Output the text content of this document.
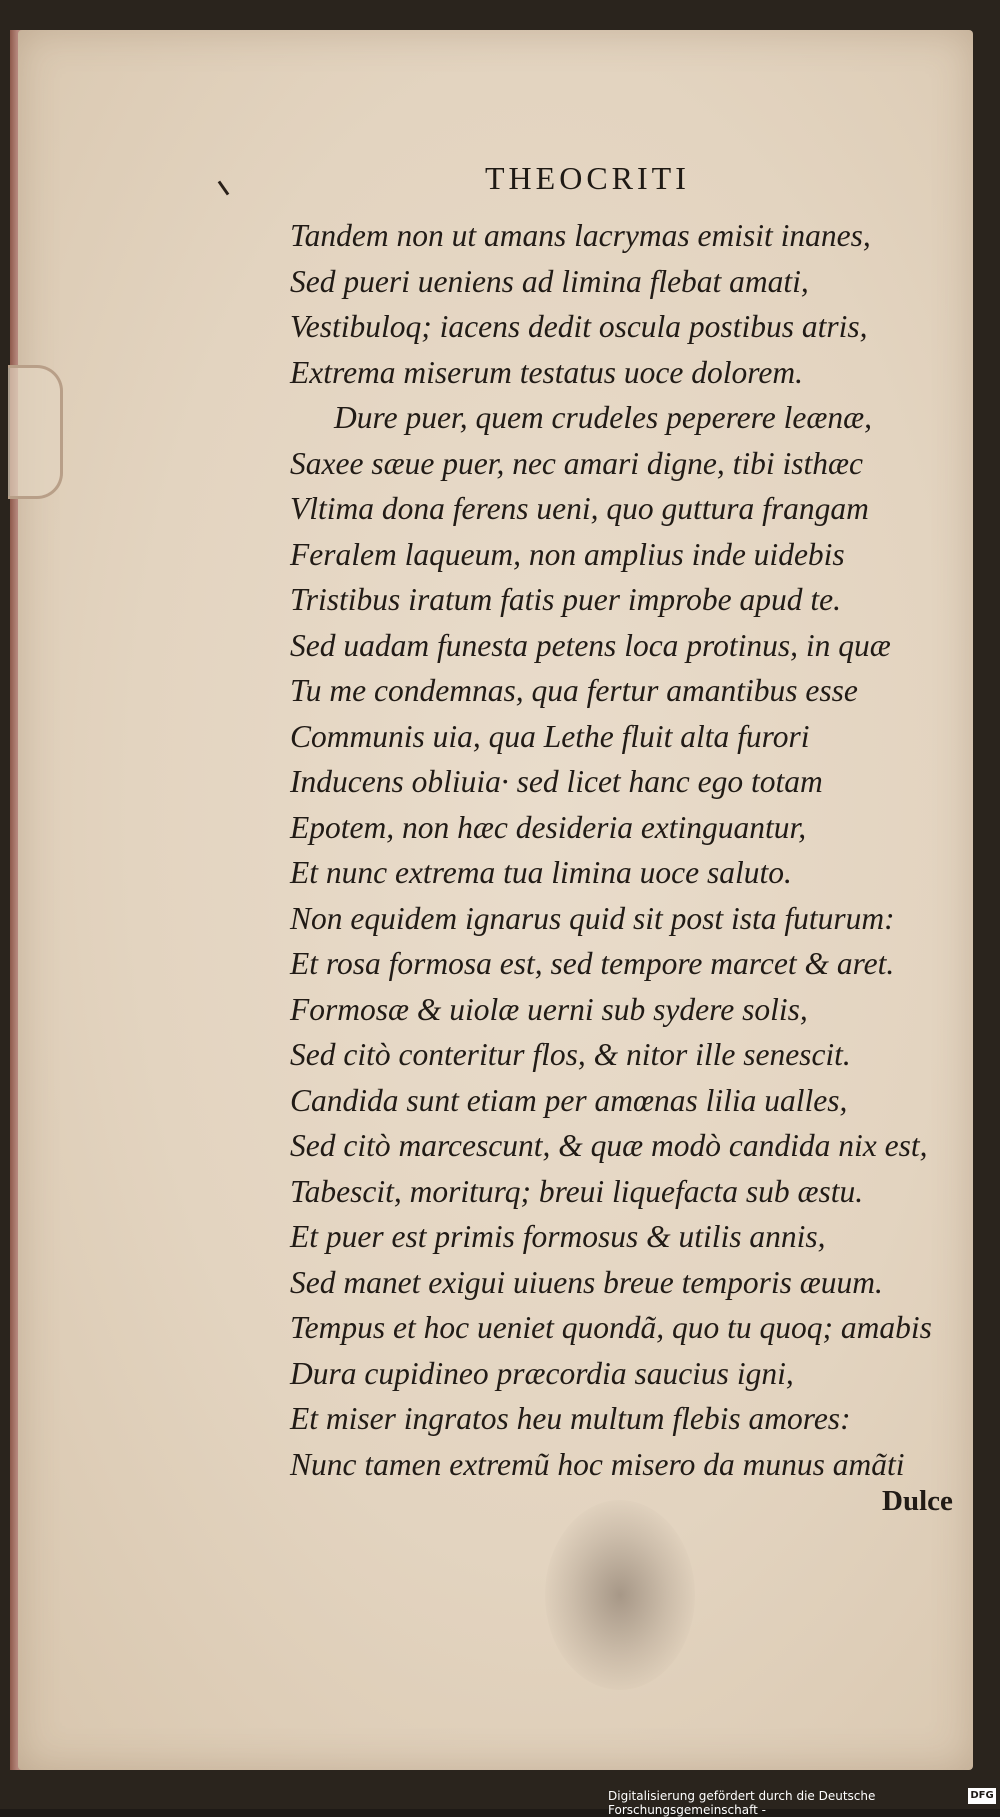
THEOCRITI
Tandem non ut amans lacrymas emisit inanes,
Sed pueri ueniens ad limina flebat amati,
Vestibuloq; iacens dedit oscula postibus atris,
Extrema miserum testatus uoce dolorem.
Dure puer, quem crudeles peperere leænæ,
Saxee sæue puer, nec amari digne, tibi isthæc
Vltima dona ferens ueni, quo guttura frangam
Feralem laqueum, non amplius inde uidebis
Tristibus iratum fatis puer improbe apud te.
Sed uadam funesta petens loca protinus, in quæ
Tu me condemnas, qua fertur amantibus esse
Communis uia, qua Lethe fluit alta furori
Inducens obliuia· sed licet hanc ego totam
Epotem, non hæc desideria extinguantur,
Et nunc extrema tua limina uoce saluto.
Non equidem ignarus quid sit post ista futurum:
Et rosa formosa est, sed tempore marcet & aret.
Formosæ & uiolæ uerni sub sydere solis,
Sed citò conteritur flos, & nitor ille senescit.
Candida sunt etiam per amœnas lilia ualles,
Sed citò marcescunt, & quæ modò candida nix est,
Tabescit, moriturq; breui liquefacta sub æstu.
Et puer est primis formosus & utilis annis,
Sed manet exigui uiuens breue temporis æuum.
Tempus et hoc ueniet quondã, quo tu quoq; amabis
Dura cupidineo præcordia saucius igni,
Et miser ingratos heu multum flebis amores:
Nunc tamen extremũ hoc misero da munus amãti
Dulce
Digitalisierung gefördert durch die Deutsche Forschungsgemeinschaft -
DFG
